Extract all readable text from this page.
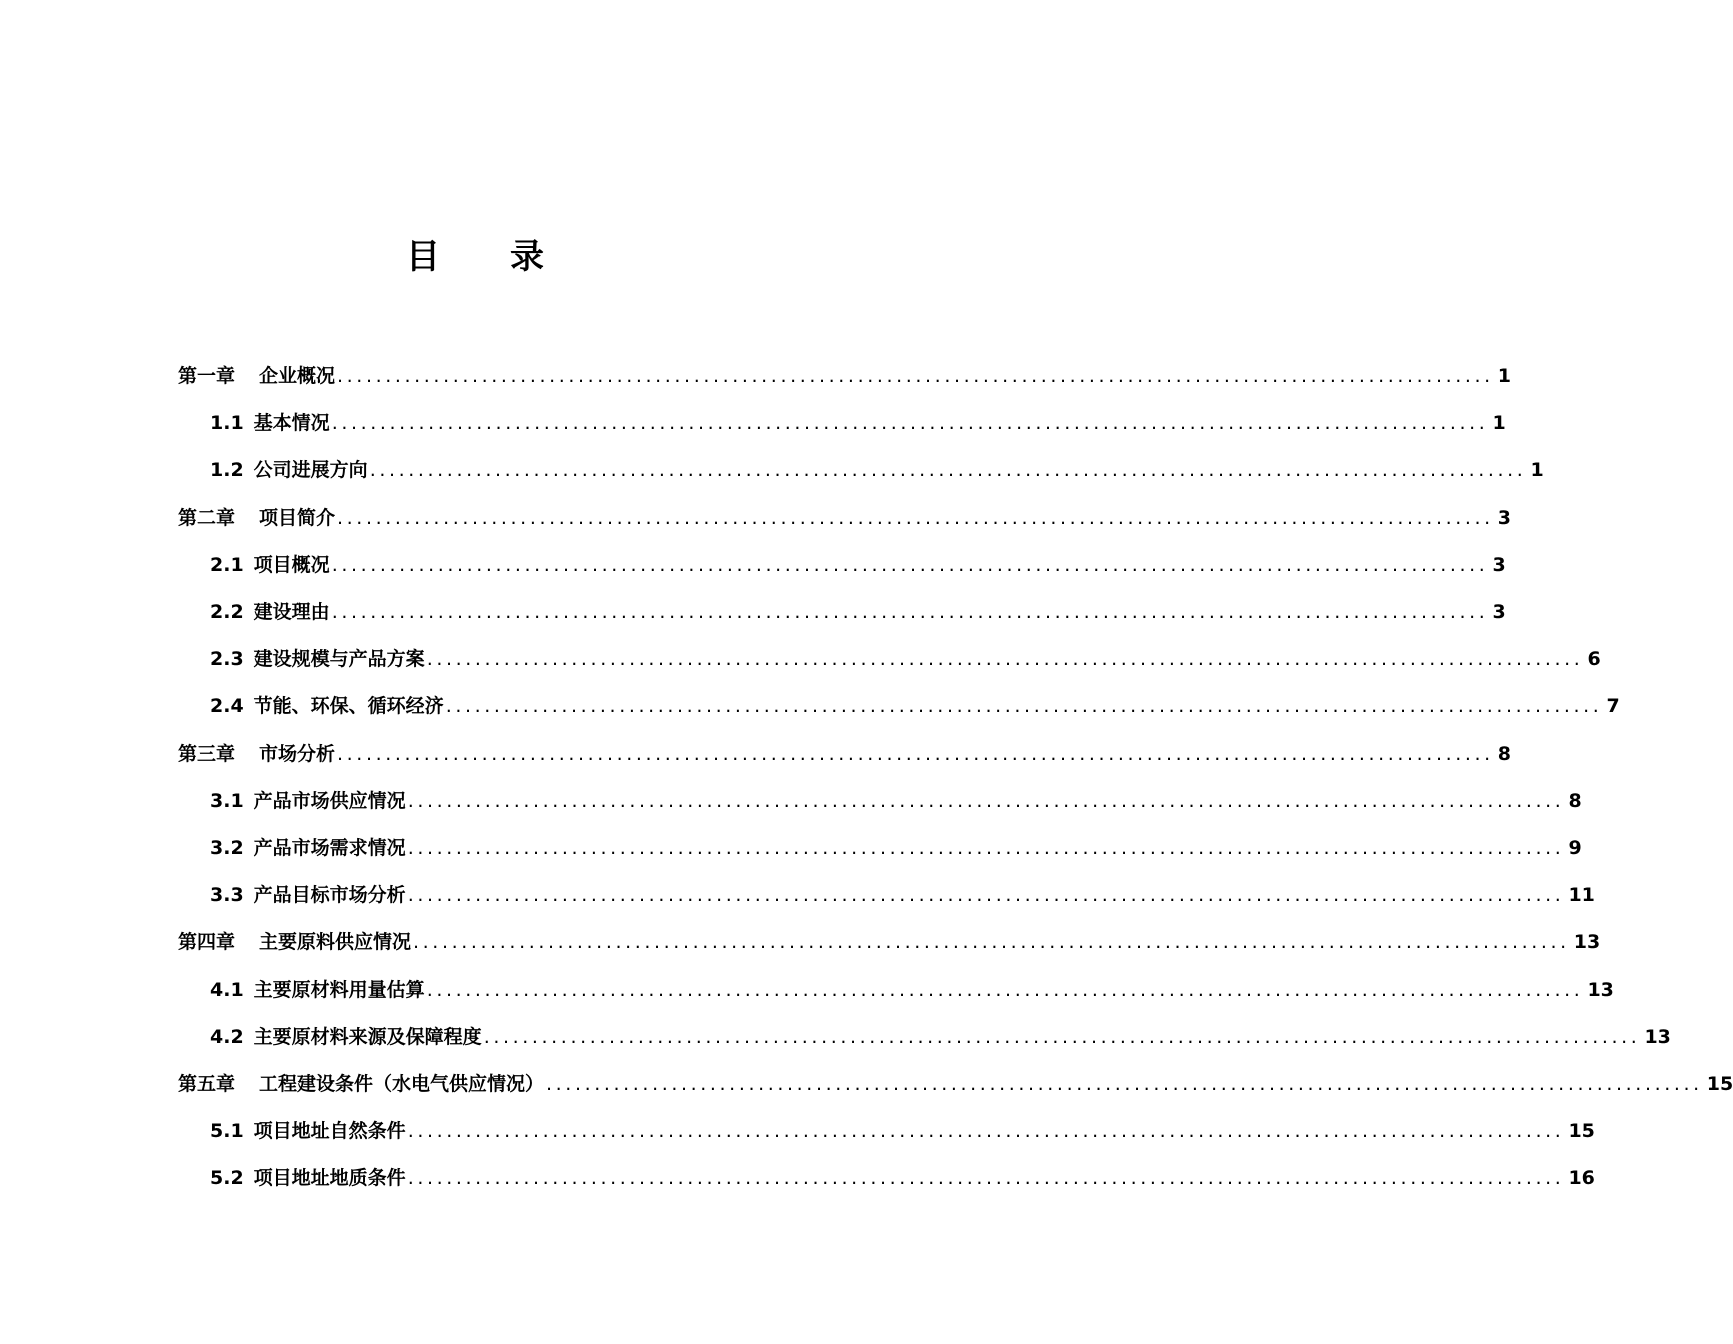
目 录
第一章 企业概况 ........................................................................................................................ 1
1.1 基本情况 ........................................................................................................................ 1
1.2 公司进展方向 ........................................................................................................................ 1
第二章 项目简介 ........................................................................................................................ 3
2.1 项目概况 ........................................................................................................................ 3
2.2 建设理由 ........................................................................................................................ 3
2.3 建设规模与产品方案 ........................................................................................................................ 6
2.4 节能、环保、循环经济 ........................................................................................................................ 7
第三章 市场分析 ........................................................................................................................ 8
3.1 产品市场供应情况 ........................................................................................................................ 8
3.2 产品市场需求情况 ........................................................................................................................ 9
3.3 产品目标市场分析 ........................................................................................................................ 11
第四章 主要原料供应情况 ........................................................................................................................ 13
4.1 主要原材料用量估算 ........................................................................................................................ 13
4.2 主要原材料来源及保障程度 ........................................................................................................................ 13
第五章 工程建设条件（水电气供应情况） ........................................................................................................................ 15
5.1 项目地址自然条件 ........................................................................................................................ 15
5.2 项目地址地质条件 ........................................................................................................................ 16
